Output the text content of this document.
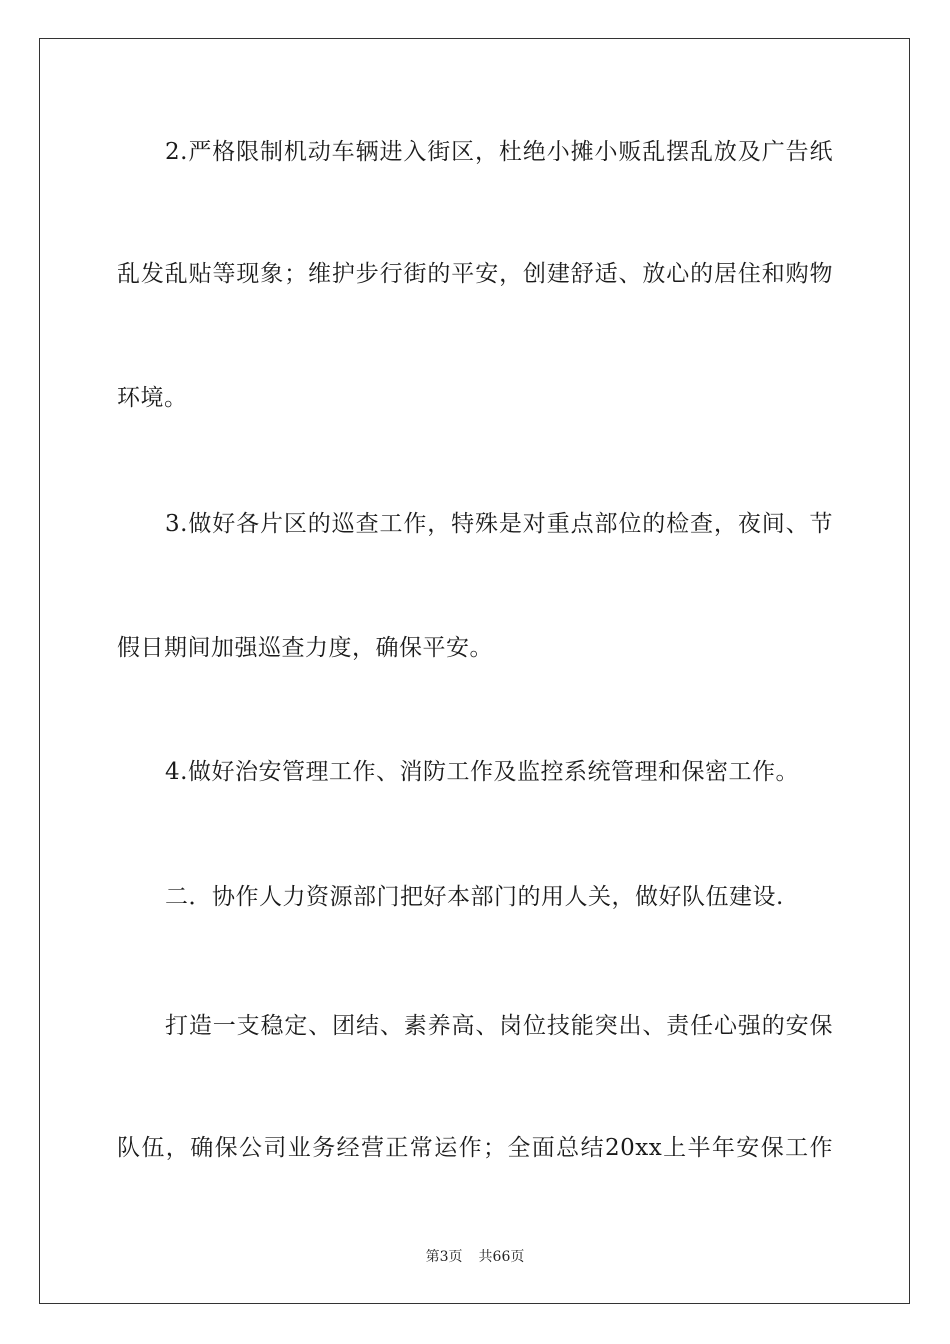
2.严格限制机动车辆进入街区，杜绝小摊小贩乱摆乱放及广告纸
乱发乱贴等现象；维护步行街的平安，创建舒适、放心的居住和购物
环境。
3.做好各片区的巡查工作，特殊是对重点部位的检查，夜间、节
假日期间加强巡查力度，确保平安。
4.做好治安管理工作、消防工作及监控系统管理和保密工作。
二．协作人力资源部门把好本部门的用人关，做好队伍建设.
打造一支稳定、团结、素养高、岗位技能突出、责任心强的安保
队伍，确保公司业务经营正常运作；全面总结20xx上半年安保工作
第3页 共66页
